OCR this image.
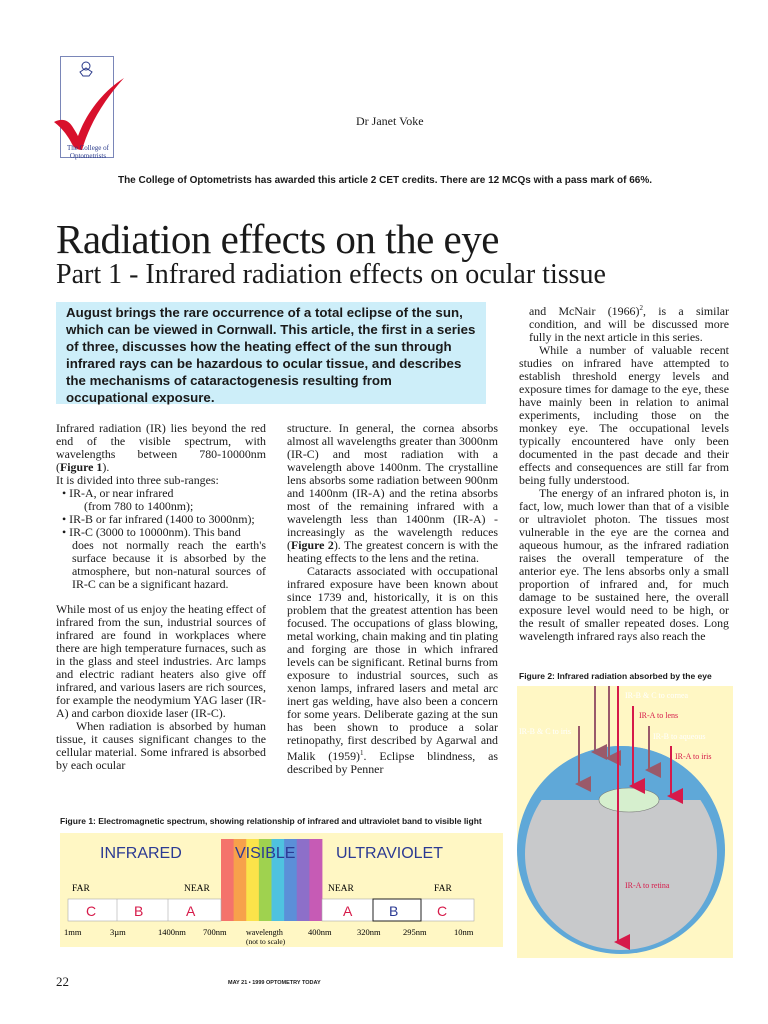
The College of
Optometrists
Dr Janet Voke
The College of Optometrists has awarded this article 2 CET credits. There are 12 MCQs with a pass mark of 66%.
Radiation effects on the eye
Part 1 - Infrared radiation effects on ocular tissue
August brings the rare occurrence of a total eclipse of the sun, which can be viewed in Cornwall. This article, the first in a series of three, discusses how the heating effect of the sun through infrared rays can be hazardous to ocular tissue, and describes the mechanisms of cataractogenesis resulting from occupational exposure.

Infrared radiation (IR) lies beyond the red end of the visible spectrum, with wavelengths between 780-10000nm (Figure 1).

It is divided into three sub-ranges:

• IR-A, or near infrared

(from 780 to 1400nm);

• IR-B or far infrared (1400 to 3000nm);

• IR-C (3000 to 10000nm). This band

does not normally reach the earth's surface because it is absorbed by the atmosphere, but non-natural sources of IR-C can be a significant hazard.

While most of us enjoy the heating effect of infrared from the sun, industrial sources of infrared are found in workplaces where there are high temperature furnaces, such as in the glass and steel industries. Arc lamps and electric radiant heaters also give off infrared, and various lasers are rich sources, for example the neodymium YAG laser (IR-A) and carbon dioxide laser (IR-C).

When radiation is absorbed by human tissue, it causes significant changes to the cellular material. Some infrared is absorbed by each ocular

structure. In general, the cornea absorbs almost all wavelengths greater than 3000nm (IR-C) and most radiation with a wavelength above 1400nm. The crystalline lens absorbs some radiation between 900nm and 1400nm (IR-A) and the retina absorbs most of the remaining infrared with a wavelength less than 1400nm (IR-A) - increasingly as the wavelength reduces (Figure 2). The greatest concern is with the heating effects to the lens and the retina.

Cataracts associated with occupational infrared exposure have been known about since 1739 and, historically, it is on this problem that the greatest attention has been focused. The occupations of glass blowing, metal working, chain making and tin plating and forging are those in which infrared levels can be significant. Retinal burns from exposure to industrial sources, such as xenon lamps, infrared lasers and metal arc inert gas welding, have also been a concern for some years. Deliberate gazing at the sun has been shown to produce a solar retinopathy, first described by Agarwal and Malik $(1959)^1$. Eclipse blindness, as described by Penner

and McNair $(1966)^2$, is a similar condition, and will be discussed more fully in the next article in this series.

While a number of valuable recent studies on infrared have attempted to establish threshold energy levels and exposure times for damage to the eye, these have mainly been in relation to animal experiments, including those on the monkey eye. The occupational levels typically encountered have only been documented in the past decade and their effects and consequences are still far from being fully understood.

The energy of an infrared photon is, in fact, low, much lower than that of a visible or ultraviolet photon. The tissues most vulnerable in the eye are the cornea and aqueous humour, as the infrared radiation raises the overall temperature of the anterior eye. The lens absorbs only a small proportion of infrared and, for much damage to be sustained here, the overall exposure level would need to be high, or the result of smaller repeated doses. Long wavelength infrared rays also reach the

Figure 1: Electromagnetic spectrum, showing relationship of infrared and ultraviolet band to visible light
INFRARED	VISIBLE	ULTRAVIOLET
FAR	NEAR	NEAR	FAR
C	B	A	A	B	C
1mm	3µm	1400nm 700nm wavelength
(not to scale)
400nm	320nm	295nm	10nm
Figure 2: Infrared radiation absorbed by the eye
IR-B & C to cornea
IR-A to lens
IR-B & C to iris
IR-B to aqueous
IR-A to iris
IR-A to retina
22	MAY 21 • 1999 OPTOMETRY TODAY
